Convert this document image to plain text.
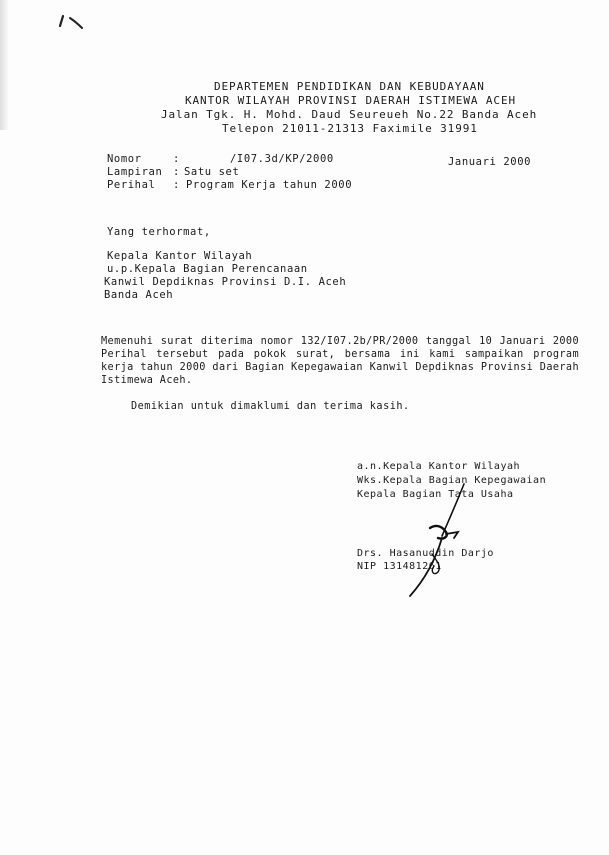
DEPARTEMEN PENDIDIKAN DAN KEBUDAYAAN
KANTOR WILAYAH PROVINSI DAERAH ISTIMEWA ACEH
Jalan Tgk. H. Mohd. Daud Seureueh No.22 Banda Aceh
Telepon 21011-21313 Faximile 31991
Nomor	:	/I07.3d/KP/2000	Januari 2000
Lampiran : Satu set
Perihal : Program Kerja tahun 2000
Yang terhormat,
Kepala Kantor Wilayah
u.p.Kepala Bagian Perencanaan
Kanwil Depdiknas Provinsi D.I. Aceh
Banda Aceh
Memenuhi surat diterima nomor 132/I07.2b/PR/2000 tanggal 10 Januari 2000 Perihal tersebut pada pokok surat, bersama ini kami sampaikan program kerja tahun 2000 dari Bagian Kepegawaian Kanwil Depdiknas Provinsi Daerah Istimewa Aceh.
Demikian untuk dimaklumi dan terima kasih.
a.n.Kepala Kantor Wilayah
Wks.Kepala Bagian Kepegawaian
Kepala Bagian Tata Usaha
Drs. Hasanuddin Darjo
NIP 131481261
